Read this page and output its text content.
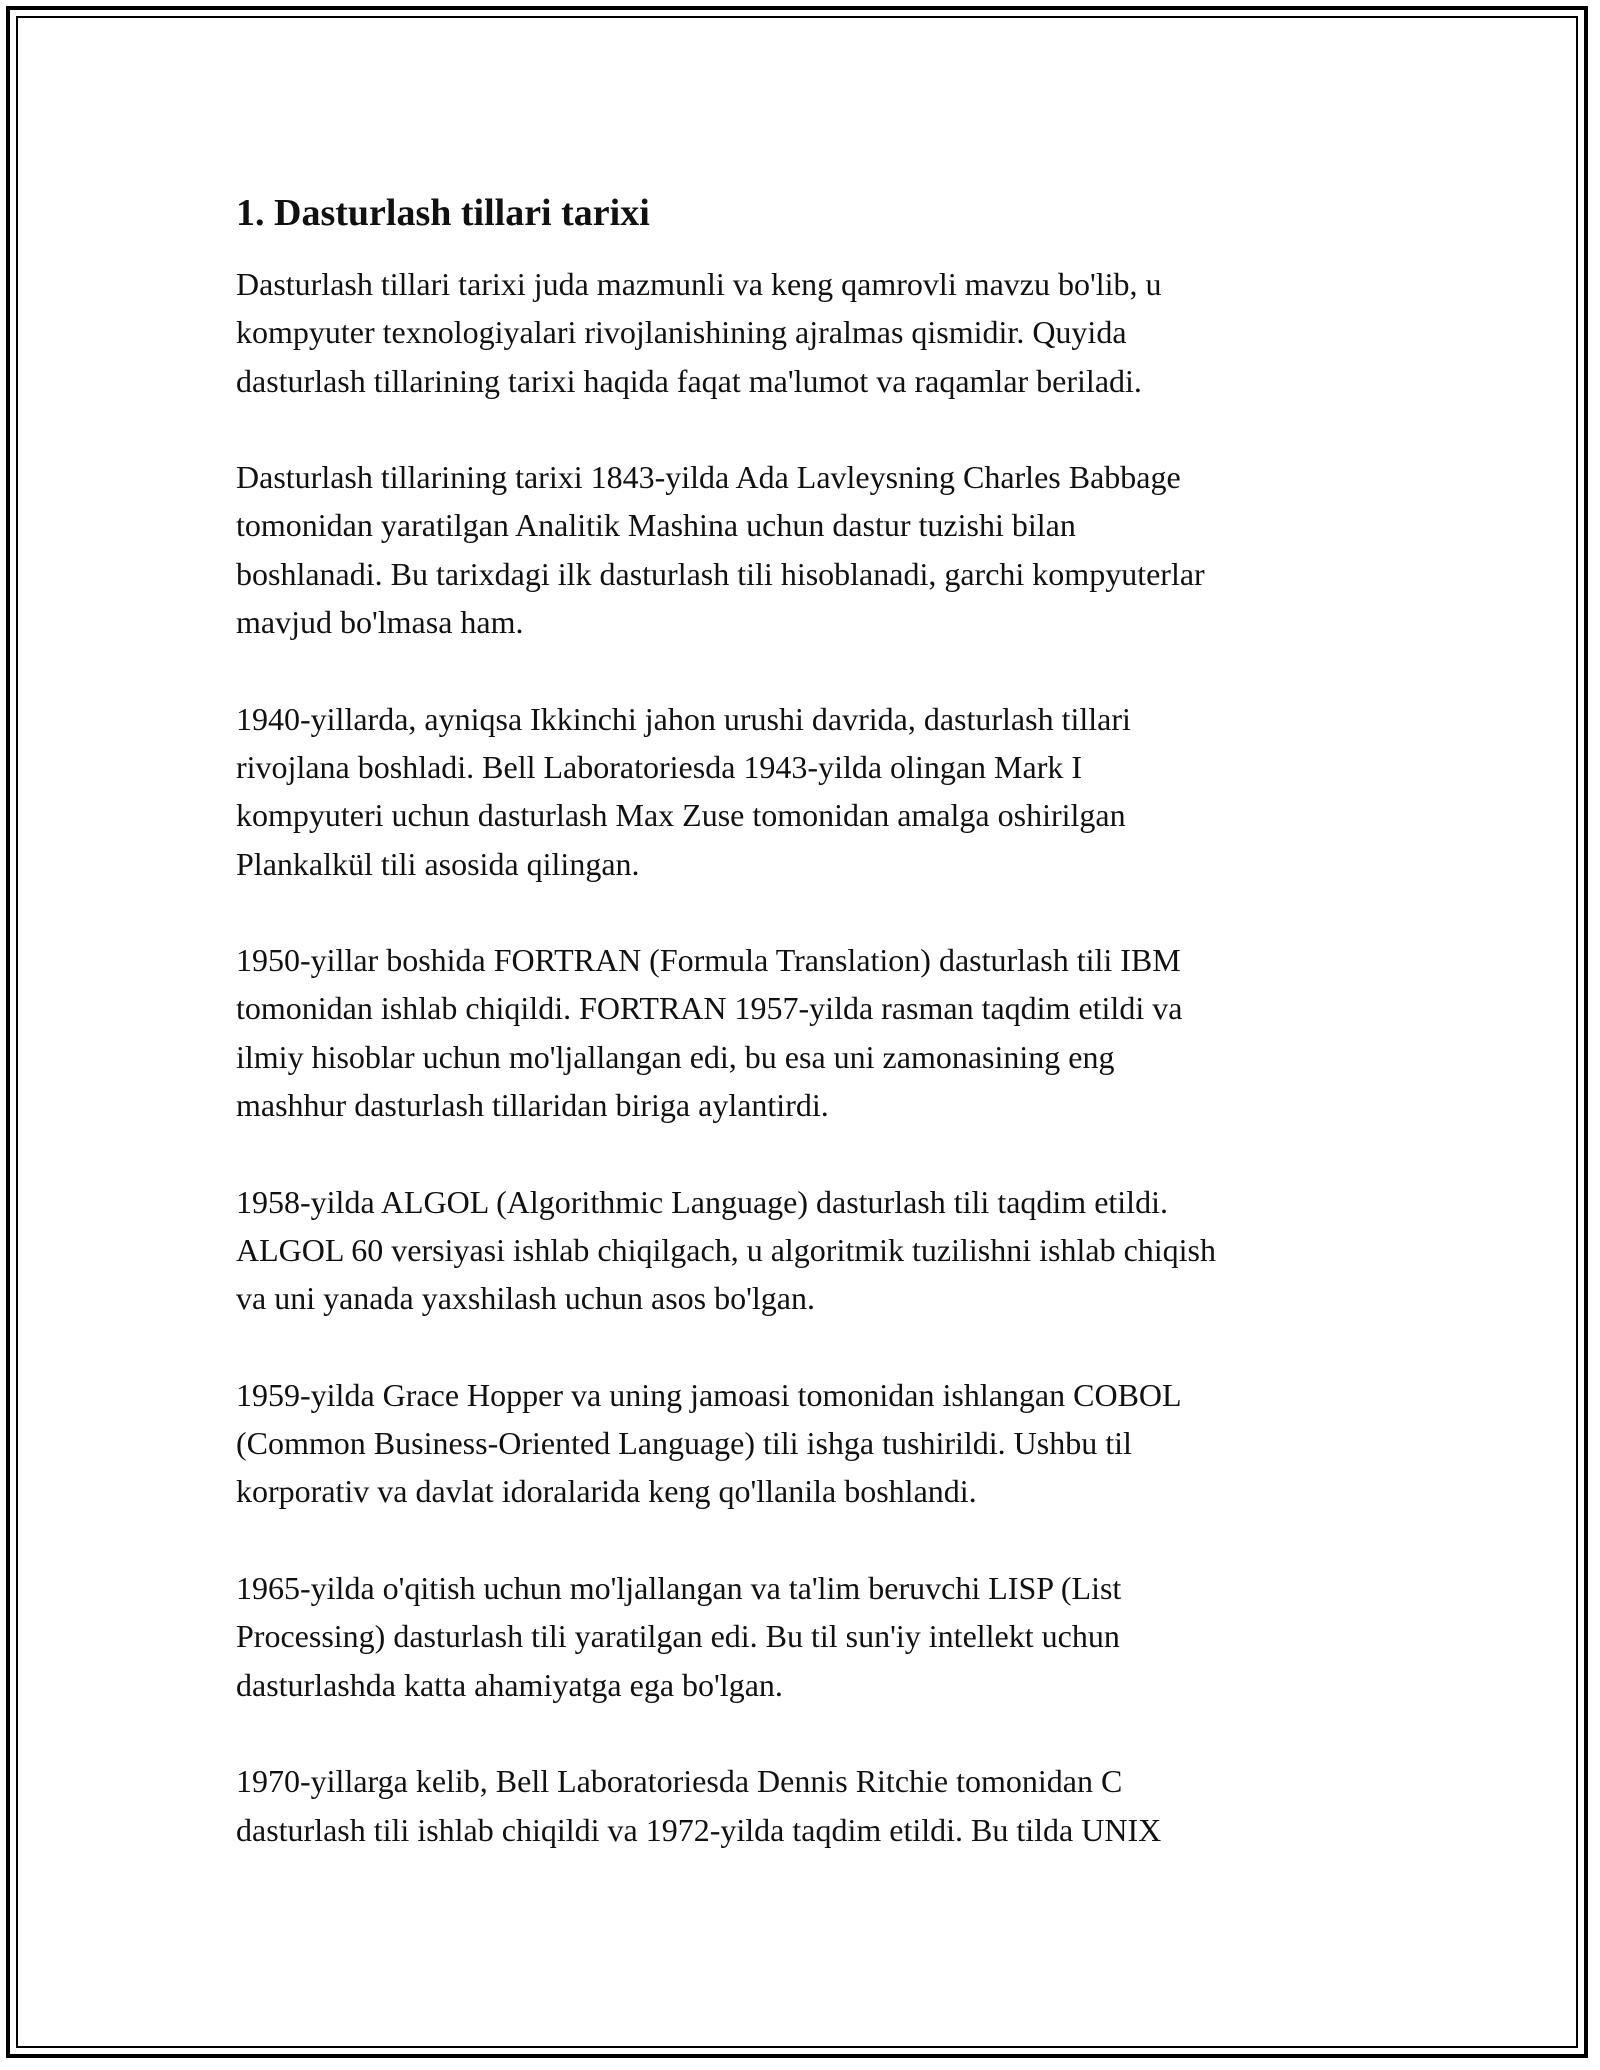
1. Dasturlash tillari tarixi

Dasturlash tillari tarixi juda mazmunli va keng qamrovli mavzu bo'lib, u
kompyuter texnologiyalari rivojlanishining ajralmas qismidir. Quyida
dasturlash tillarining tarixi haqida faqat ma'lumot va raqamlar beriladi.

Dasturlash tillarining tarixi 1843-yilda Ada Lavleysning Charles Babbage
tomonidan yaratilgan Analitik Mashina uchun dastur tuzishi bilan
boshlanadi. Bu tarixdagi ilk dasturlash tili hisoblanadi, garchi kompyuterlar
mavjud bo'lmasa ham.

1940-yillarda, ayniqsa Ikkinchi jahon urushi davrida, dasturlash tillari
rivojlana boshladi. Bell Laboratoriesda 1943-yilda olingan Mark I
kompyuteri uchun dasturlash Max Zuse tomonidan amalga oshirilgan
Plankalkül tili asosida qilingan.

1950-yillar boshida FORTRAN (Formula Translation) dasturlash tili IBM
tomonidan ishlab chiqildi. FORTRAN 1957-yilda rasman taqdim etildi va
ilmiy hisoblar uchun mo'ljallangan edi, bu esa uni zamonasining eng
mashhur dasturlash tillaridan biriga aylantirdi.

1958-yilda ALGOL (Algorithmic Language) dasturlash tili taqdim etildi.
ALGOL 60 versiyasi ishlab chiqilgach, u algoritmik tuzilishni ishlab chiqish
va uni yanada yaxshilash uchun asos bo'lgan.

1959-yilda Grace Hopper va uning jamoasi tomonidan ishlangan COBOL
(Common Business-Oriented Language) tili ishga tushirildi. Ushbu til
korporativ va davlat idoralarida keng qo'llanila boshlandi.

1965-yilda o'qitish uchun mo'ljallangan va ta'lim beruvchi LISP (List
Processing) dasturlash tili yaratilgan edi. Bu til sun'iy intellekt uchun
dasturlashda katta ahamiyatga ega bo'lgan.

1970-yillarga kelib, Bell Laboratoriesda Dennis Ritchie tomonidan C
dasturlash tili ishlab chiqildi va 1972-yilda taqdim etildi. Bu tilda UNIX
